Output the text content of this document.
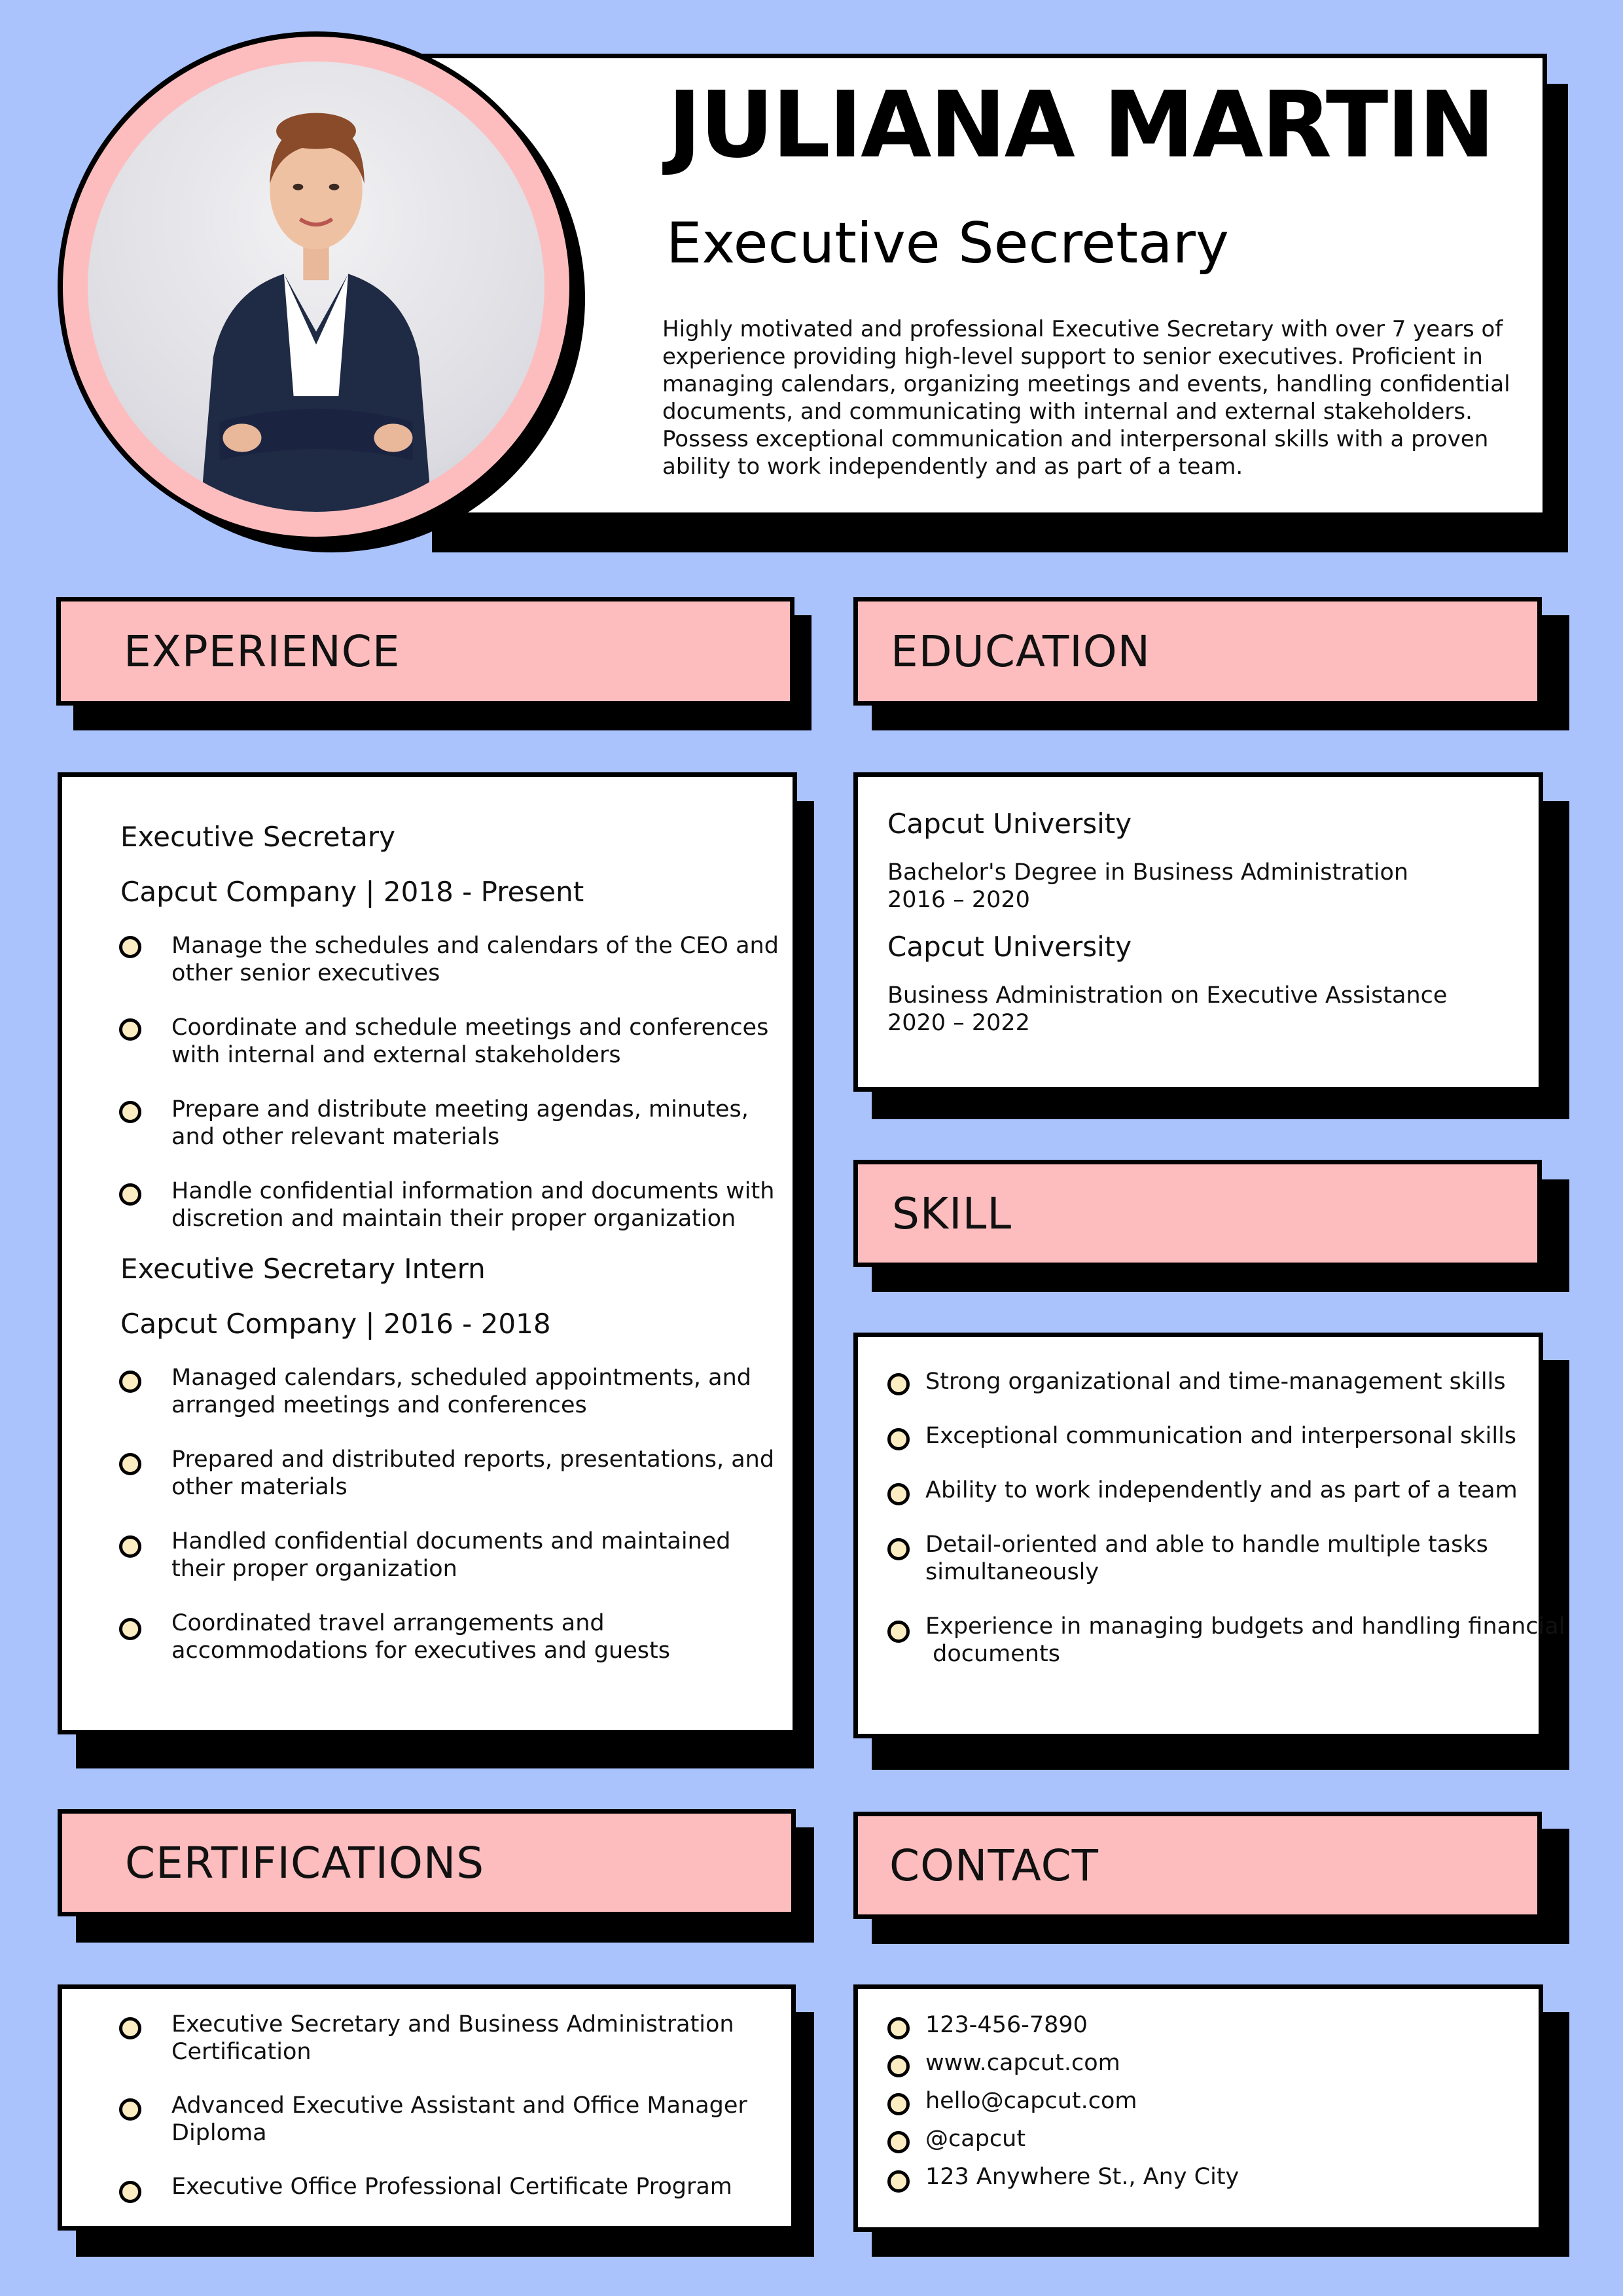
JULIANA MARTIN
Executive Secretary
Highly motivated and professional Executive Secretary with over 7 years of
experience providing high-level support to senior executives. Proficient in
managing calendars, organizing meetings and events, handling confidential
documents, and communicating with internal and external stakeholders.
Possess exceptional communication and interpersonal skills with a proven
ability to work independently and as part of a team.
EXPERIENCE
Executive Secretary
Capcut Company | 2018 - Present
Manage the schedules and calendars of the CEO and
other senior executives
Coordinate and schedule meetings and conferences
with internal and external stakeholders
Prepare and distribute meeting agendas, minutes,
and other relevant materials
Handle confidential information and documents with
discretion and maintain their proper organization
Executive Secretary Intern
Capcut Company | 2016 - 2018
Managed calendars, scheduled appointments, and
arranged meetings and conferences
Prepared and distributed reports, presentations, and
other materials
Handled confidential documents and maintained
their proper organization
Coordinated travel arrangements and
accommodations for executives and guests
EDUCATION
Capcut University
Bachelor's Degree in Business Administration
2016 – 2020
Capcut University
Business Administration on Executive Assistance
2020 – 2022
SKILL
Strong organizational and time-management skills
Exceptional communication and interpersonal skills
Ability to work independently and as part of a team
Detail-oriented and able to handle multiple tasks
simultaneously
Experience in managing budgets and handling financial
documents
CERTIFICATIONS
Executive Secretary and Business Administration
Certification
Advanced Executive Assistant and Office Manager
Diploma
Executive Office Professional Certificate Program
CONTACT
123-456-7890
www.capcut.com
hello@capcut.com
@capcut
123 Anywhere St., Any City
